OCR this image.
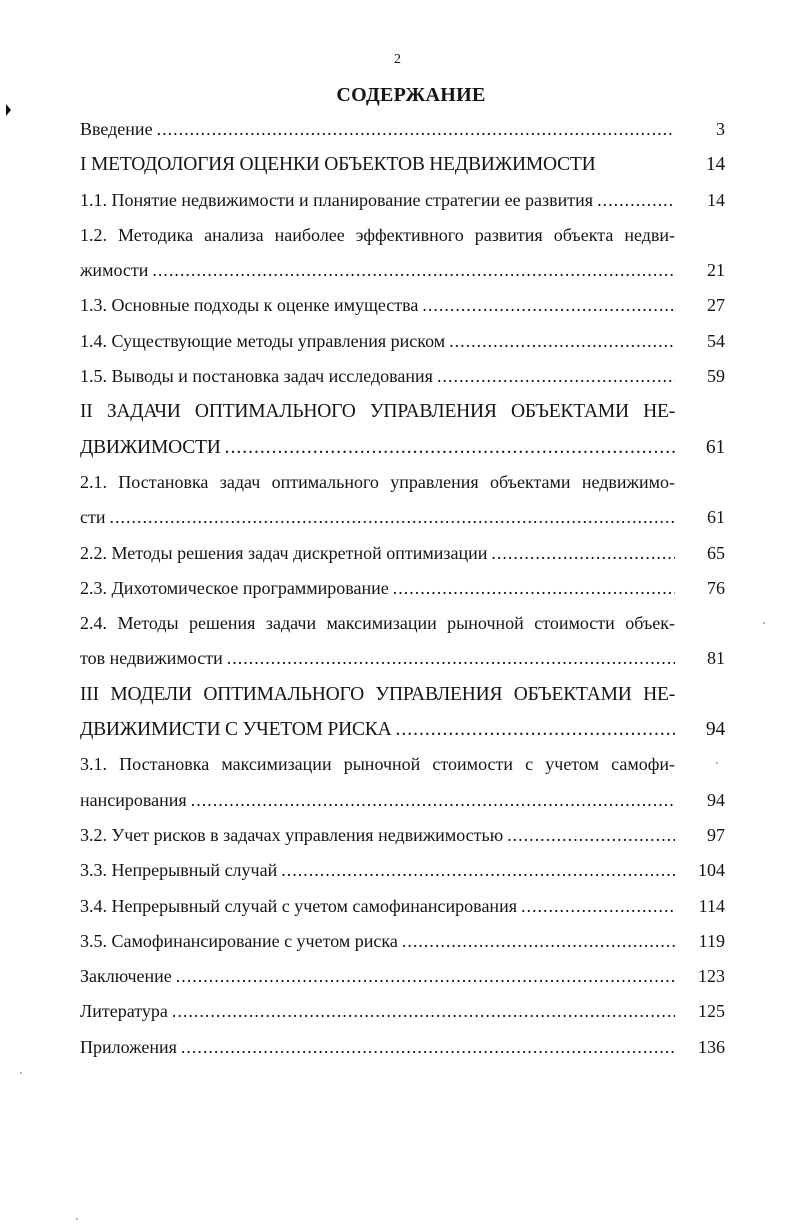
2
СОДЕРЖАНИЕ
Введение .....	3
I МЕТОДОЛОГИЯ ОЦЕНКИ ОБЪЕКТОВ НЕДВИЖИМОСТИ	14
1.1. Понятие недвижимости и планирование стратегии ее развития .....	14
1.2. Методика анализа наиболее эффективного развития объекта недви-
жимости .....	21
1.3. Основные подходы к оценке имущества .....	27
1.4. Существующие методы управления риском .....	54
1.5. Выводы и постановка задач исследования .....	59
II ЗАДАЧИ ОПТИМАЛЬНОГО УПРАВЛЕНИЯ ОБЪЕКТАМИ НЕ-
ДВИЖИМОСТИ .....	61
2.1. Постановка задач оптимального управления объектами недвижимо-
сти .....	61
2.2. Методы решения задач дискретной оптимизации .....	65
2.3. Дихотомическое программирование .....	76
2.4. Методы решения задачи максимизации рыночной стоимости объек-
тов недвижимости .....	81
III МОДЕЛИ ОПТИМАЛЬНОГО УПРАВЛЕНИЯ ОБЪЕКТАМИ НЕ-
ДВИЖИМИСТИ С УЧЕТОМ РИСКА .....	94
3.1. Постановка максимизации рыночной стоимости с учетом самофи-
нансирования .....	94
3.2. Учет рисков в задачах управления недвижимостью .....	97
3.3. Непрерывный случай .....	104
3.4. Непрерывный случай с учетом самофинансирования .....	114
3.5. Самофинансирование с учетом риска .....	119
Заключение .....	123
Литература .....	125
Приложения .....	136
